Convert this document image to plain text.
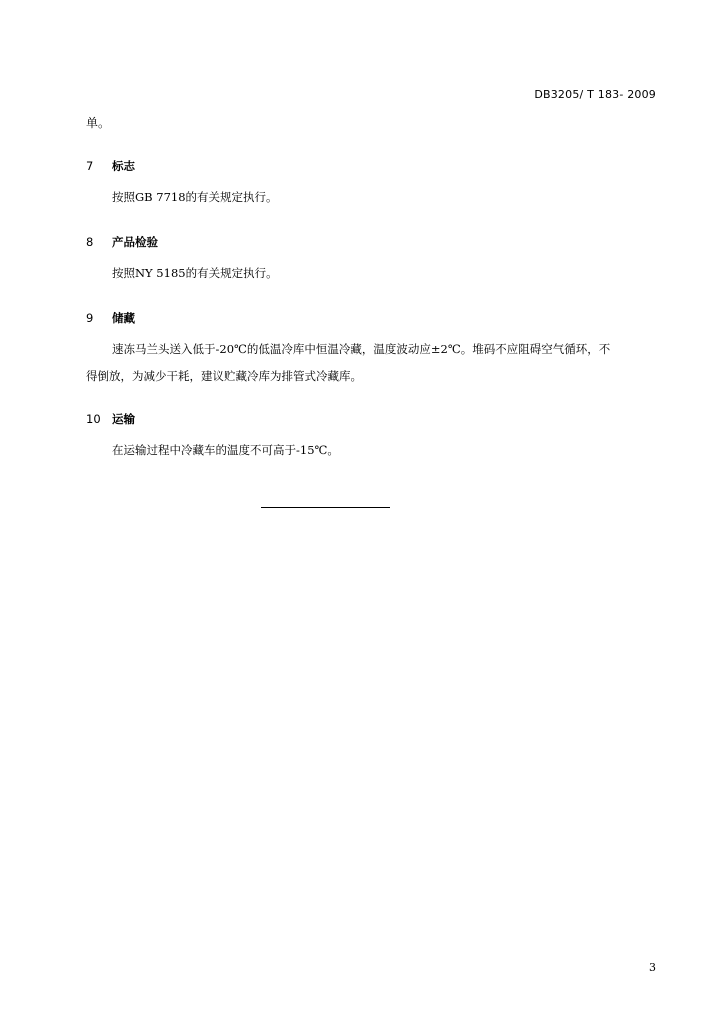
DB3205/ T 183- 2009
单。
7 标志
按照GB 7718的有关规定执行。
8 产品检验
按照NY 5185的有关规定执行。
9 储藏
速冻马兰头送入低于-20℃的低温冷库中恒温冷藏，温度波动应±2℃。堆码不应阻碍空气循环，不
得倒放，为减少干耗，建议贮藏冷库为排管式冷藏库。
10 运输
在运输过程中冷藏车的温度不可高于-15℃。
3
